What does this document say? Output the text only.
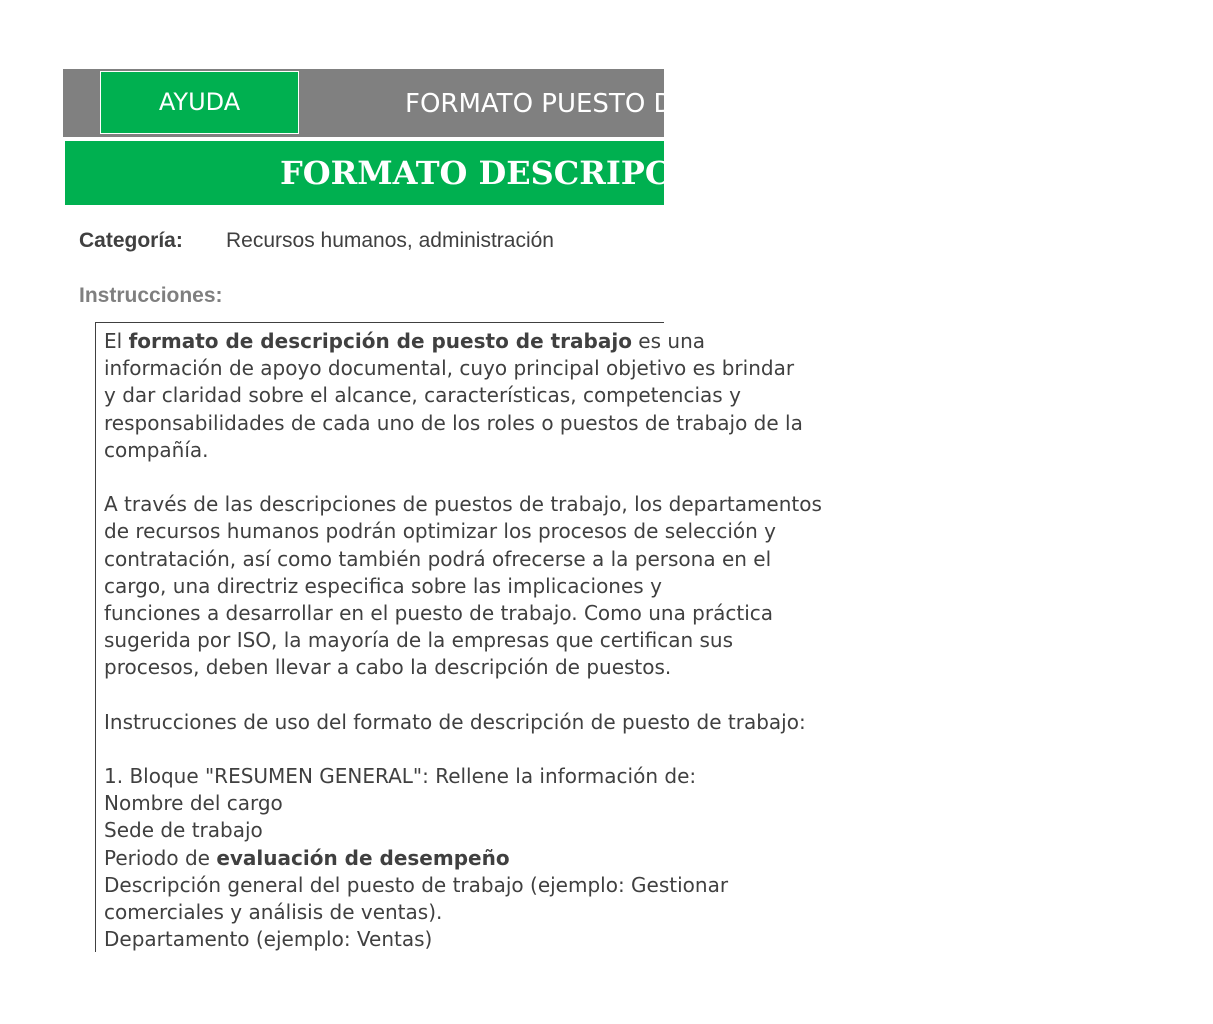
AYUDA	FORMATO PUESTO DE TRABAJO
FORMATO DESCRIPCIÓN DE PUESTO DE TRABAJO
Categoría: Recursos humanos, administración
Instrucciones:
El formato de descripción de puesto de trabajo es una
información de apoyo documental, cuyo principal objetivo es brindar
y dar claridad sobre el alcance, características, competencias y
responsabilidades de cada uno de los roles o puestos de trabajo de la
compañía.
A través de las descripciones de puestos de trabajo, los departamentos
de recursos humanos podrán optimizar los procesos de selección y
contratación, así como también podrá ofrecerse a la persona en el
cargo, una directriz especifica sobre las implicaciones y
funciones a desarrollar en el puesto de trabajo. Como una práctica
sugerida por ISO, la mayoría de la empresas que certifican sus
procesos, deben llevar a cabo la descripción de puestos.
Instrucciones de uso del formato de descripción de puesto de trabajo:
1. Bloque "RESUMEN GENERAL": Rellene la información de:
Nombre del cargo
Sede de trabajo
Periodo de evaluación de desempeño
Descripción general del puesto de trabajo (ejemplo: Gestionar
comerciales y análisis de ventas).
Departamento (ejemplo: Ventas)
